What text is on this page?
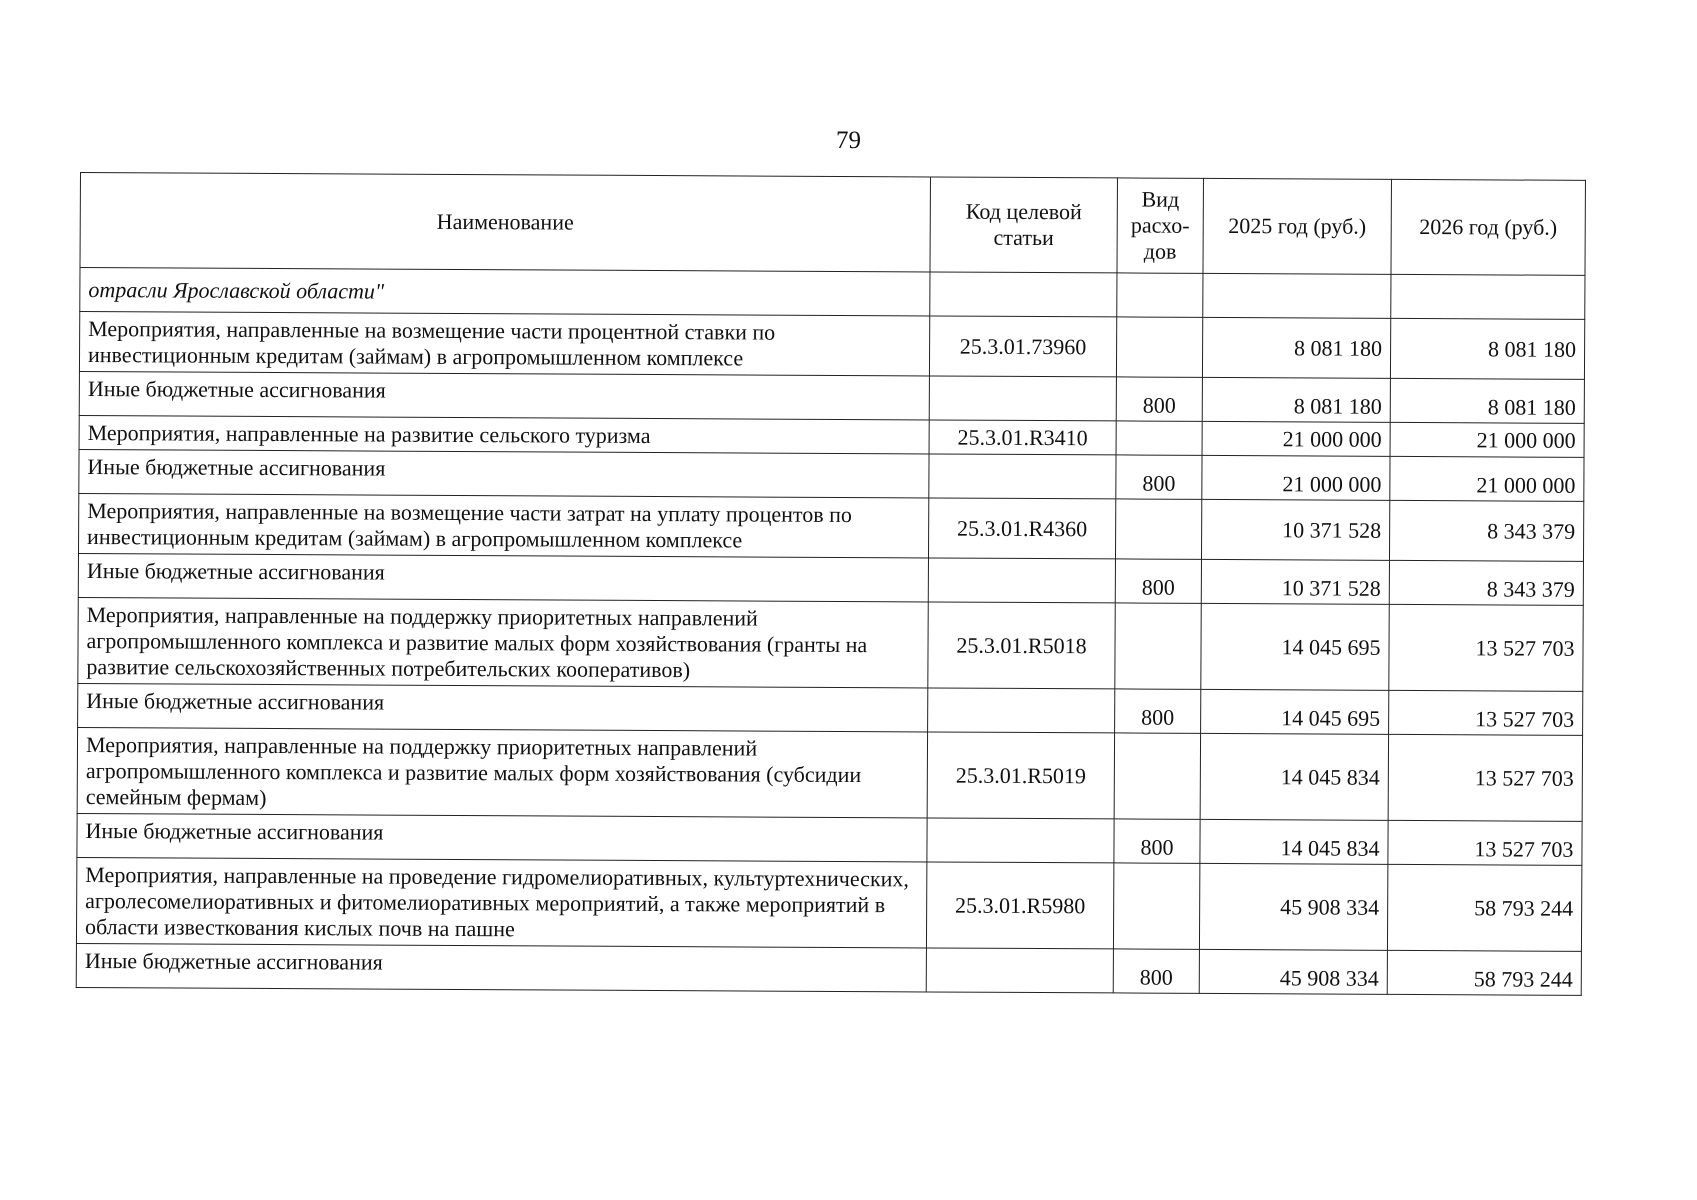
79
Наименование	Код целевой статьи	Вид расхо-дов	2025 год (руб.)	2026 год (руб.)
отрасли Ярославской области"				
Мероприятия, направленные на возмещение части процентной ставки по инвестиционным кредитам (займам) в агропромышленном комплексе	25.3.01.73960		8 081 180	8 081 180
Иные бюджетные ассигнования		800	8 081 180	8 081 180
Мероприятия, направленные на развитие сельского туризма	25.3.01.R3410		21 000 000	21 000 000
Иные бюджетные ассигнования		800	21 000 000	21 000 000
Мероприятия, направленные на возмещение части затрат на уплату процентов по инвестиционным кредитам (займам) в агропромышленном комплексе	25.3.01.R4360		10 371 528	8 343 379
Иные бюджетные ассигнования		800	10 371 528	8 343 379
Мероприятия, направленные на поддержку приоритетных направлений агропромышленного комплекса и развитие малых форм хозяйствования (гранты на развитие сельскохозяйственных потребительских кооперативов)	25.3.01.R5018		14 045 695	13 527 703
Иные бюджетные ассигнования		800	14 045 695	13 527 703
Мероприятия, направленные на поддержку приоритетных направлений агропромышленного комплекса и развитие малых форм хозяйствования (субсидии семейным фермам)	25.3.01.R5019		14 045 834	13 527 703
Иные бюджетные ассигнования		800	14 045 834	13 527 703
Мероприятия, направленные на проведение гидромелиоративных, культуртехнических, агролесомелиоративных и фитомелиоративных мероприятий, а также мероприятий в области известкования кислых почв на пашне	25.3.01.R5980		45 908 334	58 793 244
Иные бюджетные ассигнования		800	45 908 334	58 793 244
